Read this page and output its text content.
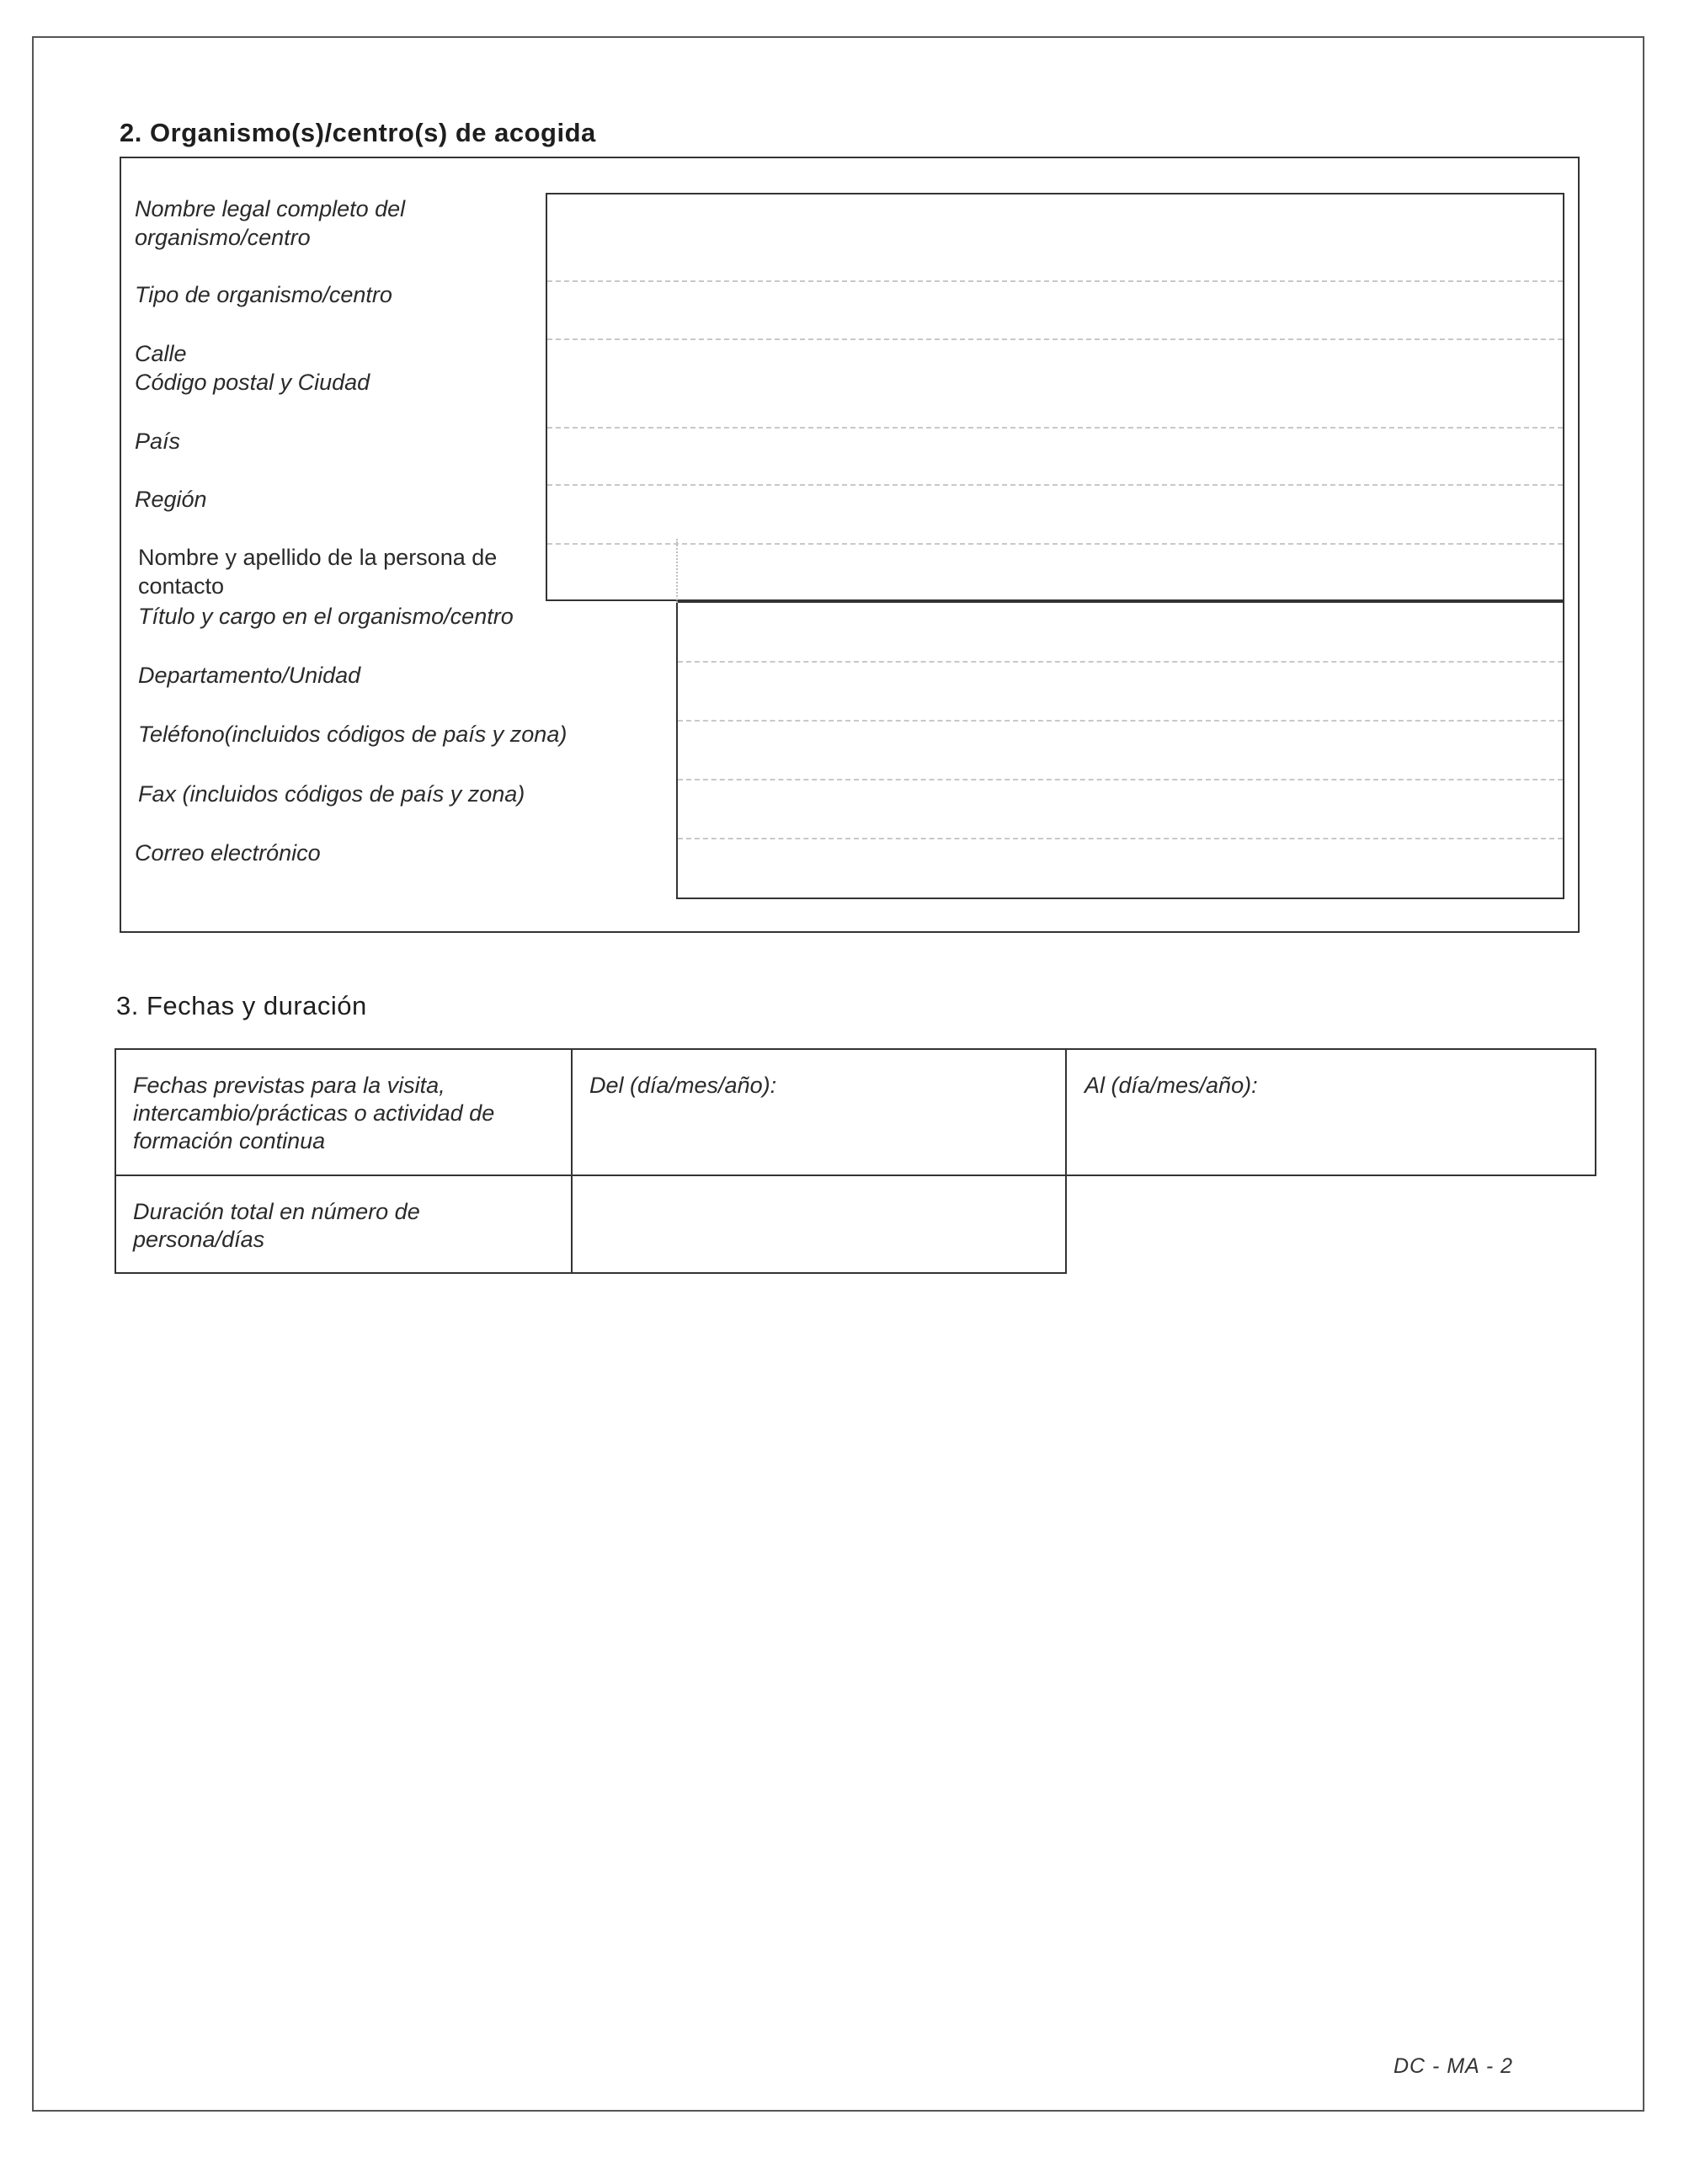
2. Organismo(s)/centro(s) de acogida
Nombre legal completo del
organismo/centro
Tipo de organismo/centro
Calle
Código postal y Ciudad
País
Región
Nombre y apellido de la persona de
contacto
Título y cargo en el organismo/centro
Departamento/Unidad
Teléfono(incluidos códigos de país y zona)
Fax (incluidos códigos de país y zona)
Correo electrónico
3. Fechas y duración
Fechas previstas para la visita,
intercambio/prácticas o actividad de
formación continua
Del (día/mes/año):	Al (día/mes/año):
Duración total en número de
persona/días
DC - MA - 2
